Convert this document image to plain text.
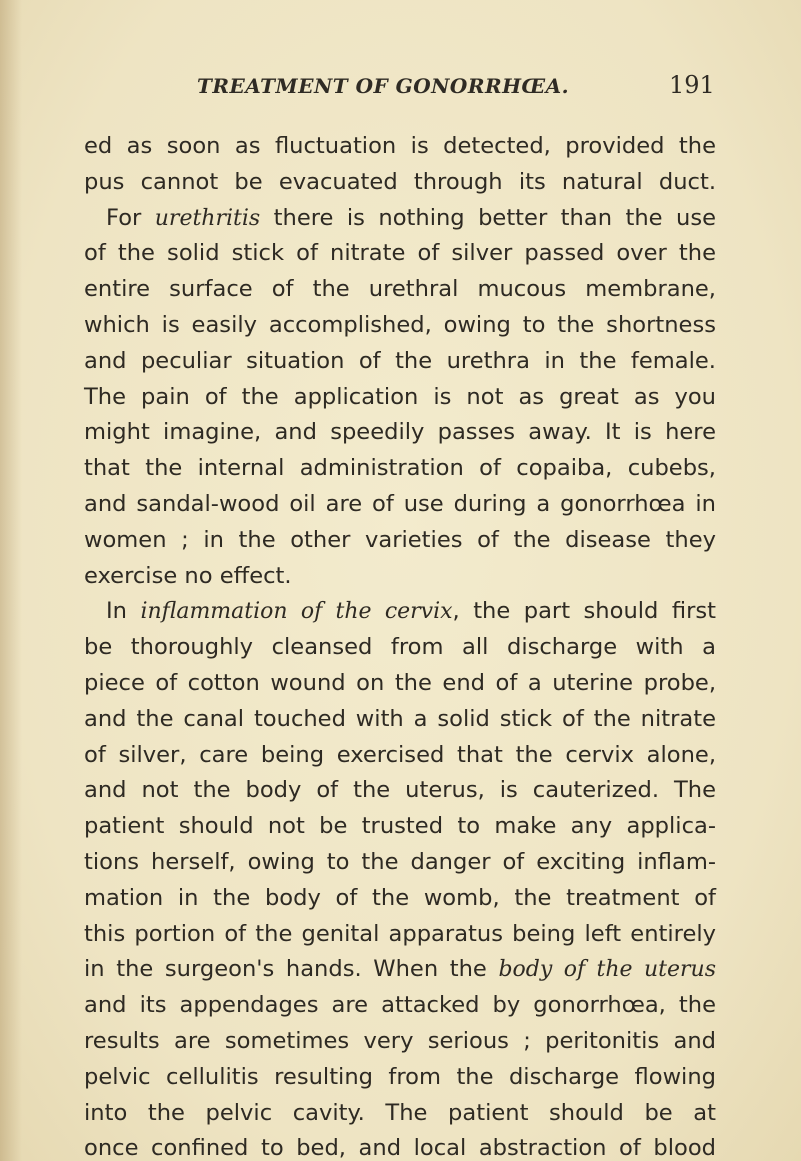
TREATMENT OF GONORRHŒA.	191
ed as soon as fluctuation is detected, provided the
pus cannot be evacuated through its natural duct.
For urethritis there is nothing better than the use
of the solid stick of nitrate of silver passed over the
entire surface of the urethral mucous membrane,
which is easily accomplished, owing to the shortness
and peculiar situation of the urethra in the female.
The pain of the application is not as great as you
might imagine, and speedily passes away. It is here
that the internal administration of copaiba, cubebs,
and sandal-wood oil are of use during a gonorrhœa in
women ; in the other varieties of the disease they
exercise no effect.
In inflammation of the cervix, the part should first
be thoroughly cleansed from all discharge with a
piece of cotton wound on the end of a uterine probe,
and the canal touched with a solid stick of the nitrate
of silver, care being exercised that the cervix alone,
and not the body of the uterus, is cauterized. The
patient should not be trusted to make any applica-
tions herself, owing to the danger of exciting inflam-
mation in the body of the womb, the treatment of
this portion of the genital apparatus being left entirely
in the surgeon's hands. When the body of the uterus
and its appendages are attacked by gonorrhœa, the
results are sometimes very serious ; peritonitis and
pelvic cellulitis resulting from the discharge flowing
into the pelvic cavity. The patient should be at
once confined to bed, and local abstraction of blood
